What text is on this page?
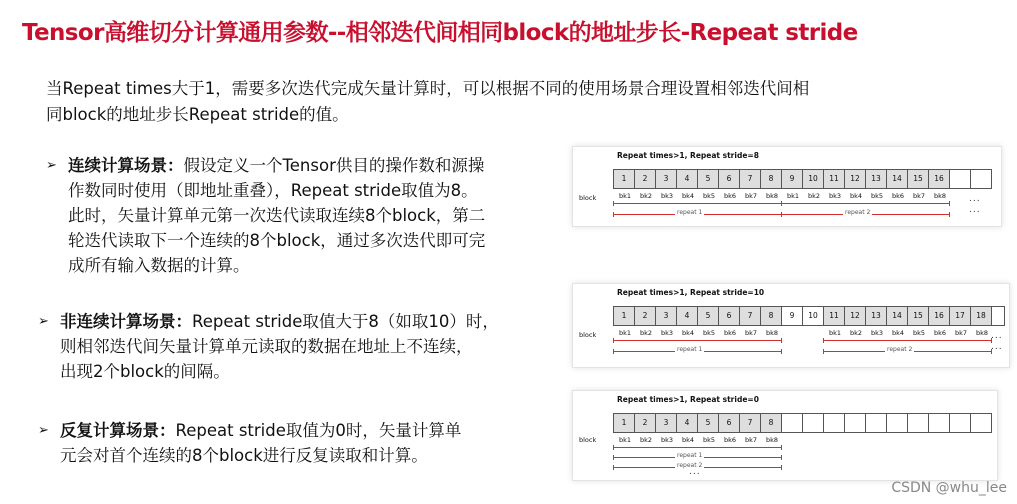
Tensor高维切分计算通用参数--相邻迭代间相同block的地址步长-Repeat stride
当Repeat times大于1，需要多次迭代完成矢量计算时，可以根据不同的使用场景合理设置相邻迭代间相
同block的地址步长Repeat stride的值。
➢ 连续计算场景：假设定义一个Tensor供目的操作数和源操
作数同时使用（即地址重叠），Repeat stride取值为8。
此时，矢量计算单元第一次迭代读取连续8个block，第二
轮迭代读取下一个连续的8个block，通过多次迭代即可完
成所有输入数据的计算。
➢ 非连续计算场景：Repeat stride取值大于8（如取10）时，
则相邻迭代间矢量计算单元读取的数据在地址上不连续，
出现2个block的间隔。
➢ 反复计算场景：Repeat stride取值为0时，矢量计算单
元会对首个连续的8个block进行反复读取和计算。
Repeat times>1, Repeat stride=8
block
1	2	3	4	5	6	7	8	9	10	11	12	13	14	15	16
bk1 bk2 bk3 bk4 bk5 bk6 bk7 bk8 bk1 bk2 bk3 bk4 bk5 bk6 bk7 bk8
repeat 1	repeat 2
...
...
Repeat times>1, Repeat stride=10
block
1	2	3	4	5	6	7	8	9	10	11	12	13	14	15	16	17	18
bk1 bk2 bk3 bk4 bk5 bk6 bk7 bk8	bk1 bk2 bk3 bk4 bk5 bk6 bk7 bk8
repeat 1	repeat 2
...
...
Repeat times>1, Repeat stride=0
block
1	2	3	4	5	6	7	8
bk1 bk2 bk3 bk4 bk5 bk6 bk7 bk8
repeat 1
repeat 2
...
CSDN @whu_lee
